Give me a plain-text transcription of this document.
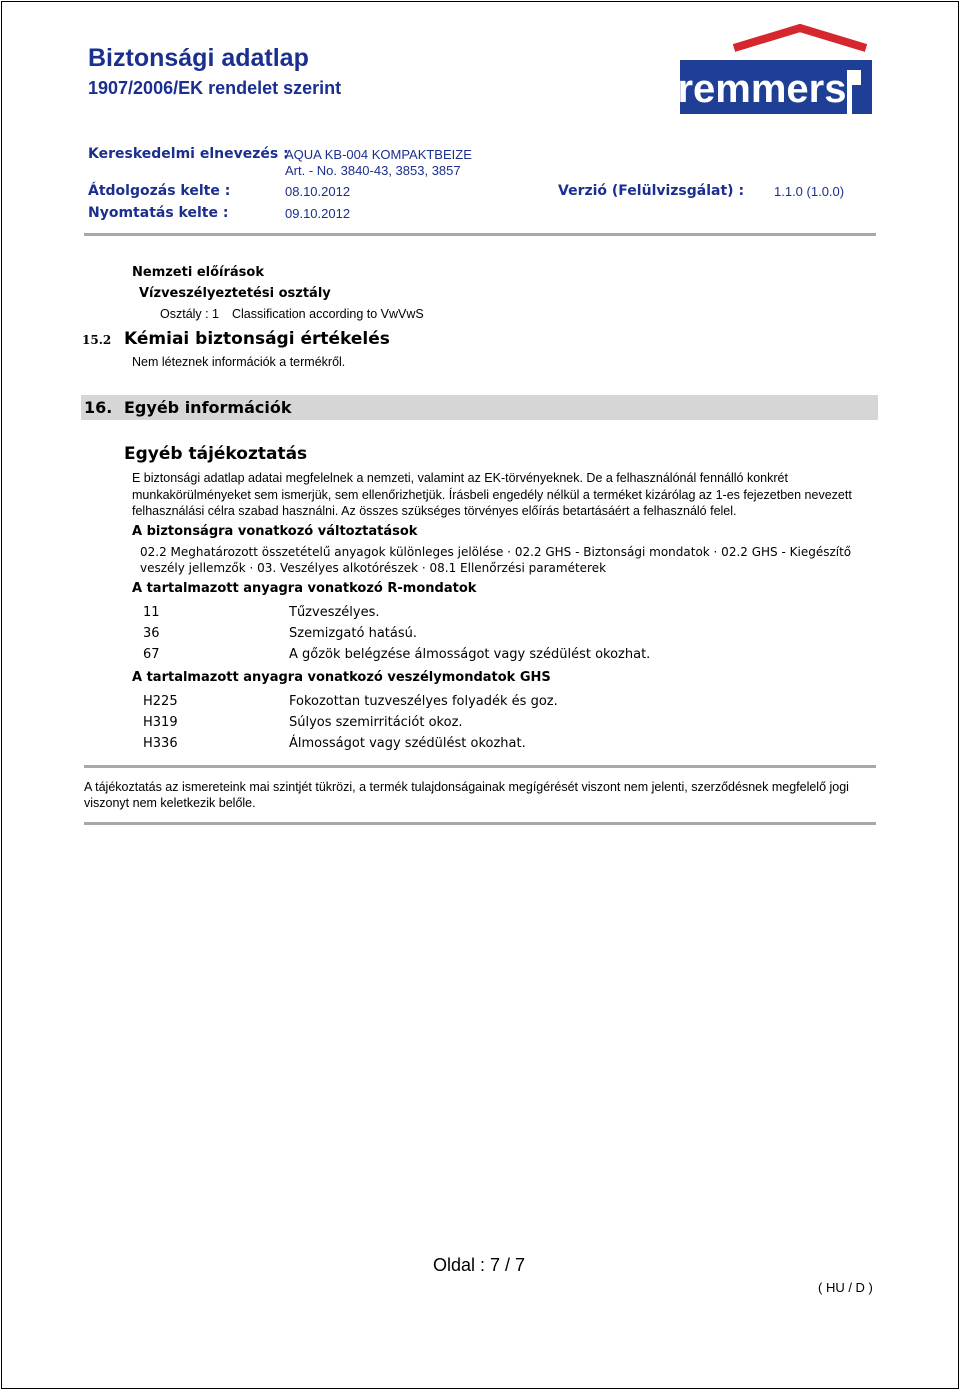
Biztonsági adatlap
1907/2006/EK rendelet szerint	remmers
Kereskedelmi elnevezés :
AQUA KB-004 KOMPAKTBEIZE
Art. - No. 3840-43, 3853, 3857
Átdolgozás kelte :	08.10.2012	Verzió (Felülvizsgálat) : 1.1.0 (1.0.0)
Nyomtatás kelte :	09.10.2012
Nemzeti előírások
Vízveszélyeztetési osztály
Osztály : 1 Classification according to VwVwS
15.2 Kémiai biztonsági értékelés
Nem léteznek információk a termékről.
16. Egyéb információk
Egyéb tájékoztatás
E biztonsági adatlap adatai megfelelnek a nemzeti, valamint az EK-törvényeknek. De a felhasználónál fennálló konkrét munkakörülményeket sem ismerjük, sem ellenőrizhetjük. Írásbeli engedély nélkül a terméket kizárólag az 1-es fejezetben nevezett felhasználási célra szabad használni. Az összes szükséges törvényes előírás betartásáért a felhasználó felel.
A biztonságra vonatkozó változtatások
02.2 Meghatározott összetételű anyagok különleges jelölése · 02.2 GHS - Biztonsági mondatok · 02.2 GHS - Kiegészítő veszély jellemzők · 03. Veszélyes alkotórészek · 08.1 Ellenőrzési paraméterek
A tartalmazott anyagra vonatkozó R-mondatok
11	Tűzveszélyes.
36	Szemizgató hatású.
67	A gőzök belégzése álmosságot vagy szédülést okozhat.
A tartalmazott anyagra vonatkozó veszélymondatok GHS
H225	Fokozottan tuzveszélyes folyadék és goz.
H319	Súlyos szemirritációt okoz.
H336	Álmosságot vagy szédülést okozhat.
A tájékoztatás az ismereteink mai szintjét tükrözi, a termék tulajdonságainak megígérését viszont nem jelenti, szerződésnek megfelelő jogi viszonyt nem keletkezik belőle.
Oldal : 7 / 7
( HU / D )
